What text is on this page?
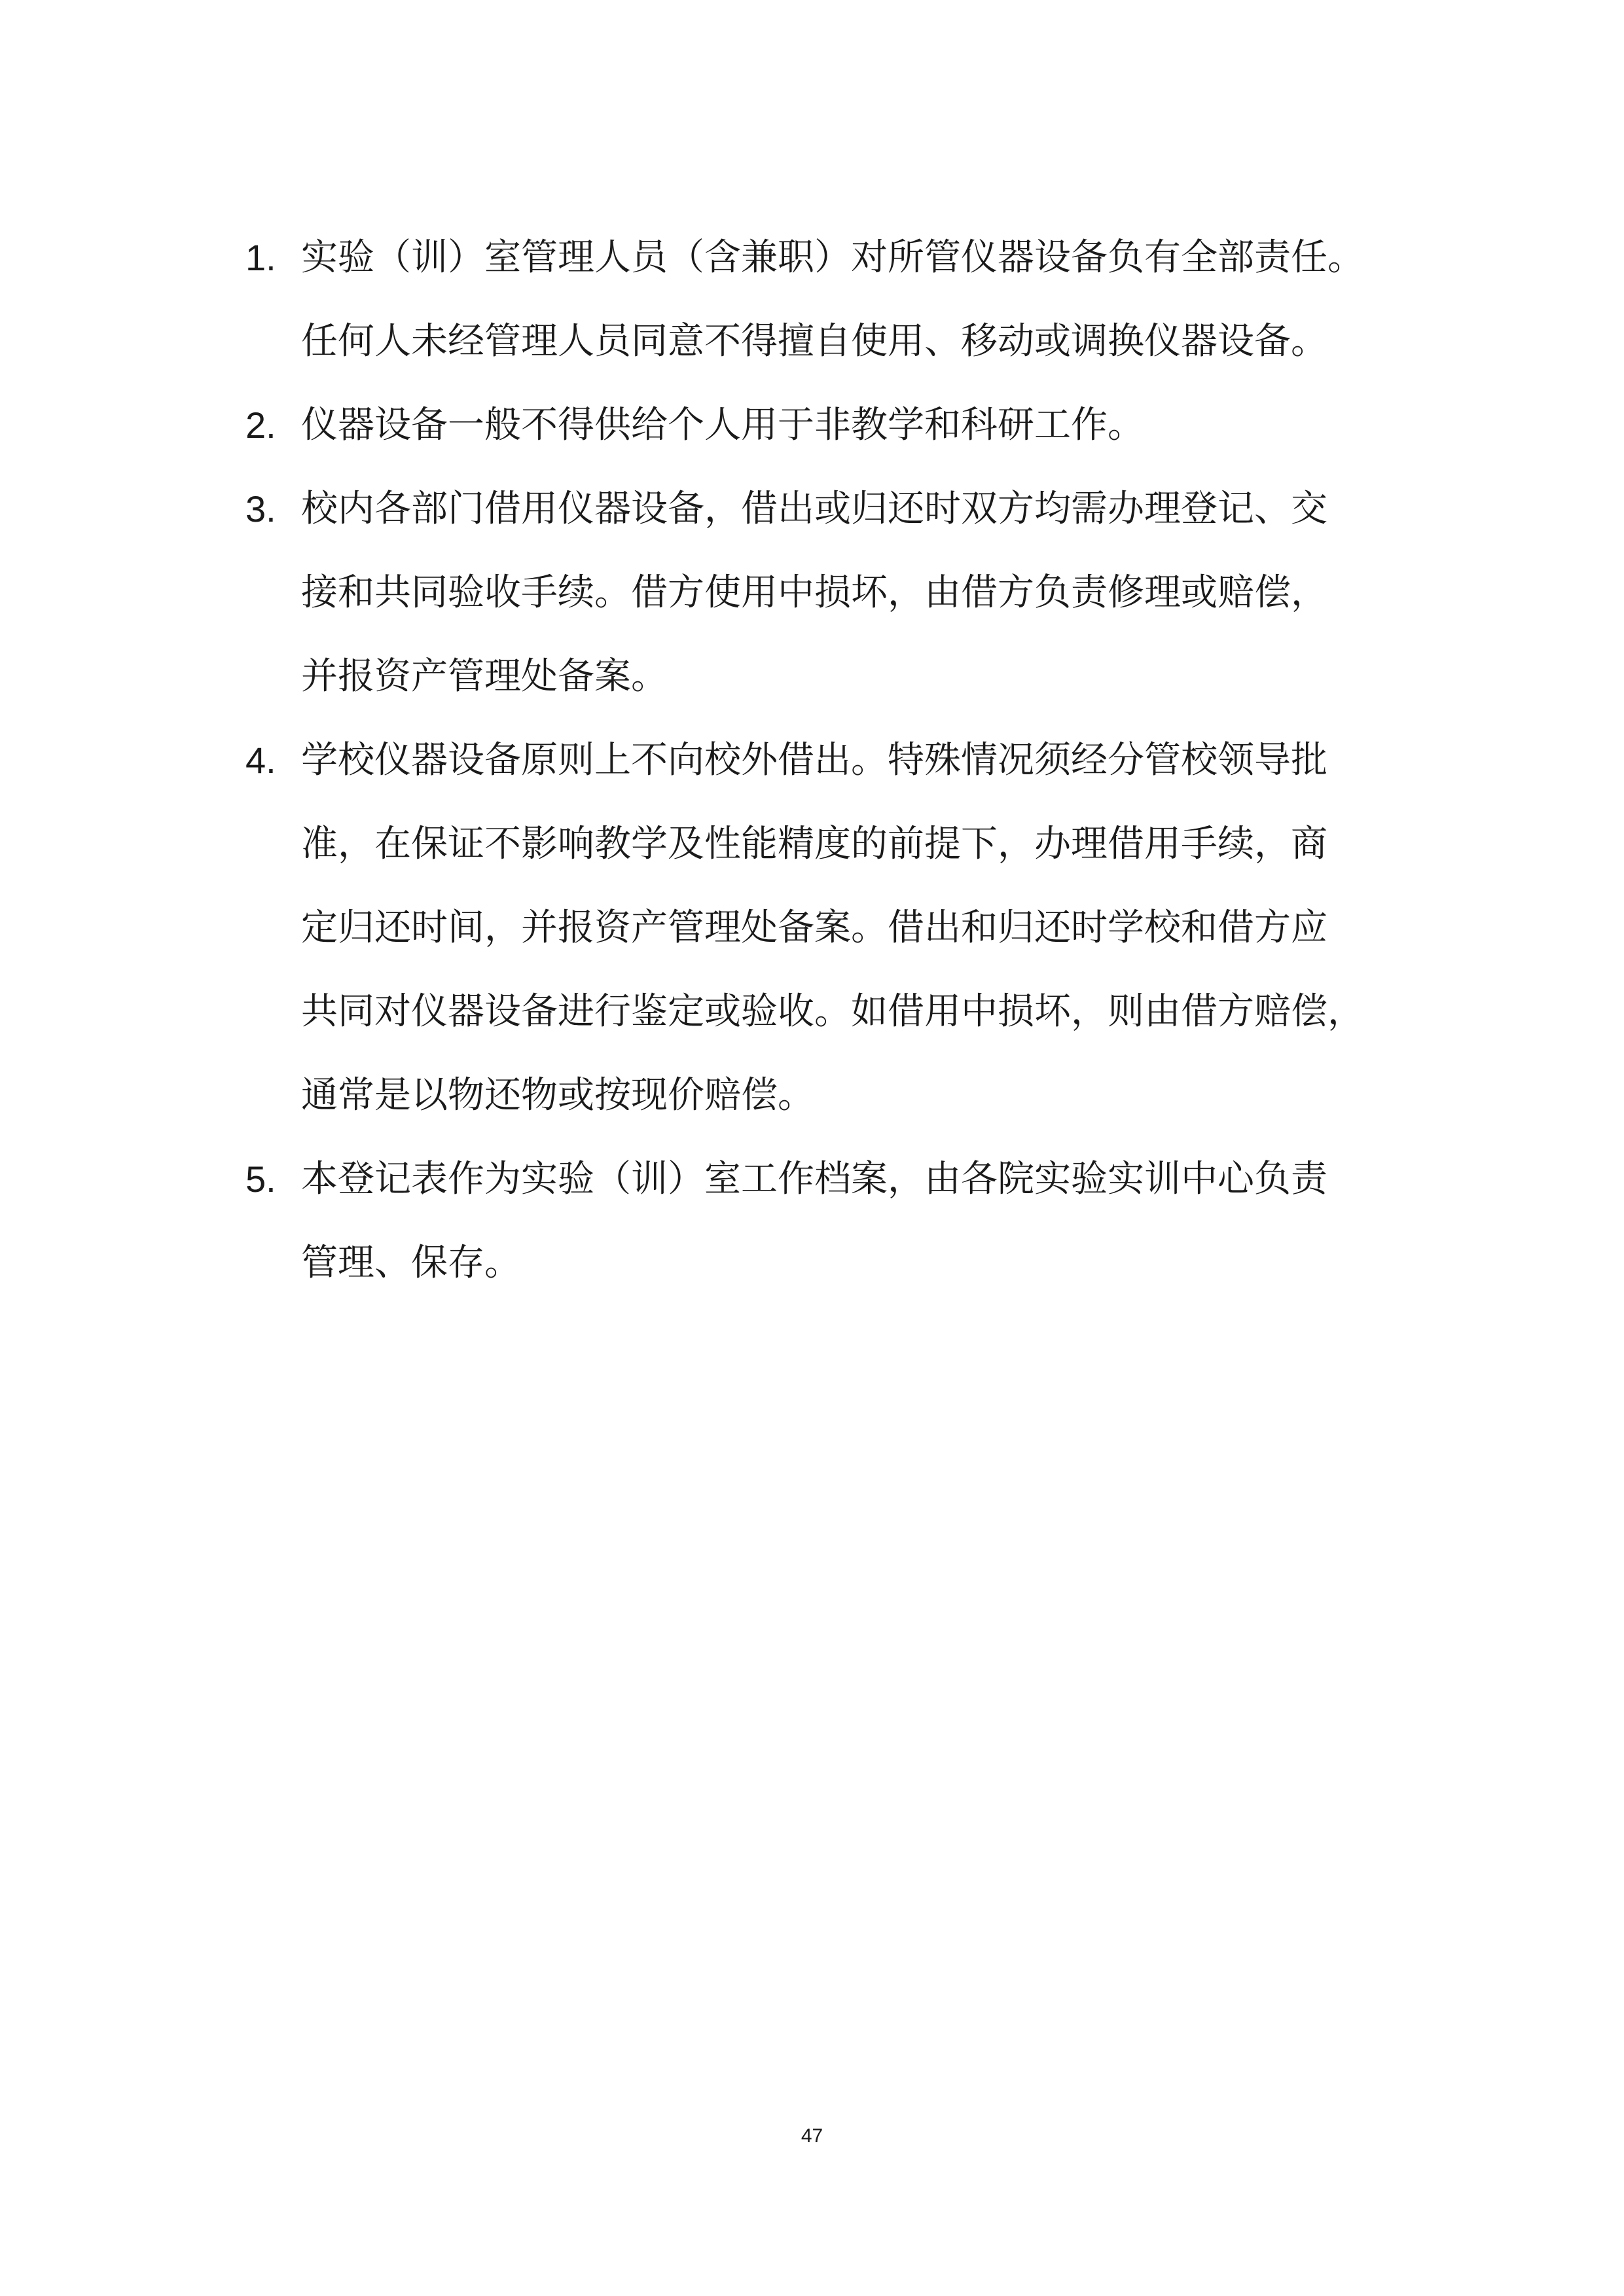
1. 实验（训）室管理人员（含兼职）对所管仪器设备负有全部责任。
任何人未经管理人员同意不得擅自使用、移动或调换仪器设备。
2. 仪器设备一般不得供给个人用于非教学和科研工作。
3. 校内各部门借用仪器设备，借出或归还时双方均需办理登记、交
接和共同验收手续。借方使用中损坏，由借方负责修理或赔偿，
并报资产管理处备案。
4. 学校仪器设备原则上不向校外借出。特殊情况须经分管校领导批
准，在保证不影响教学及性能精度的前提下，办理借用手续，商
定归还时间，并报资产管理处备案。借出和归还时学校和借方应
共同对仪器设备进行鉴定或验收。如借用中损坏，则由借方赔偿，
通常是以物还物或按现价赔偿。
5. 本登记表作为实验（训）室工作档案，由各院实验实训中心负责
管理、保存。
47
